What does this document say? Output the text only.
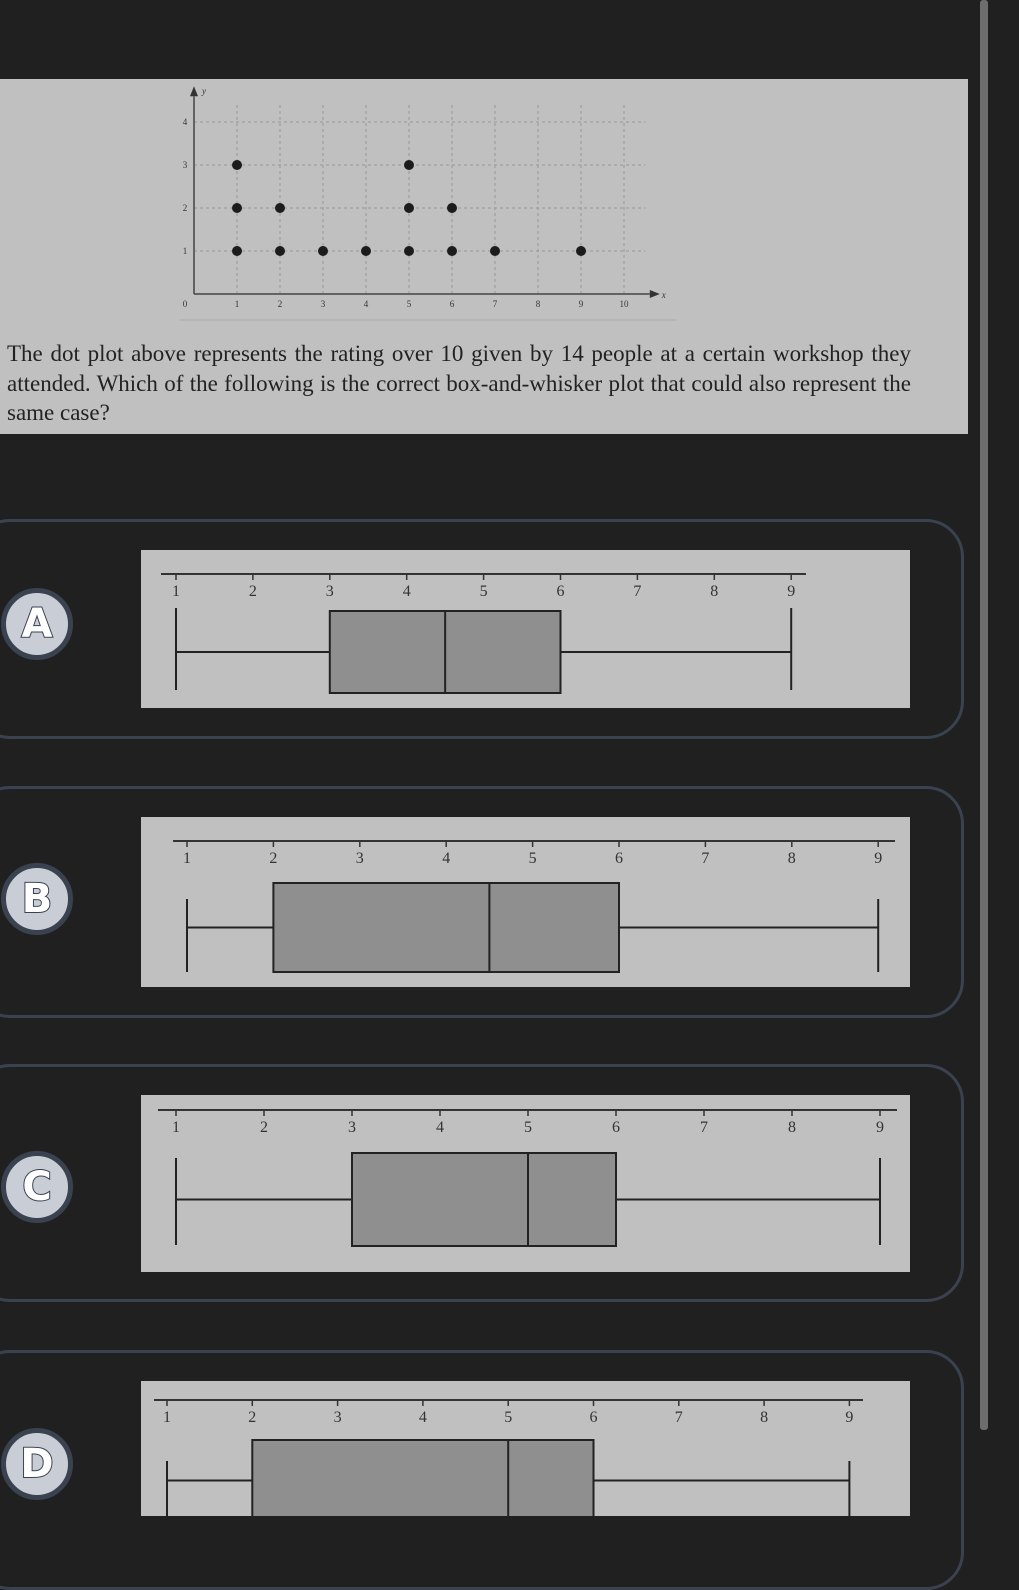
0	1	2	3	4	5	6	7	8	9	10
1
2
3
4
x
y

The dot plot above represents the rating over 10 given by 14 people at a certain workshop they attended. Which of the following is the correct box-and-whisker plot that could also represent the same case?

A
1	2	3	4	5	6	7	8	9
B
1	2	3	4	5	6	7	8	9
C
1	2	3	4	5	6	7	8	9
D
1	2	3	4	5	6	7	8	9
